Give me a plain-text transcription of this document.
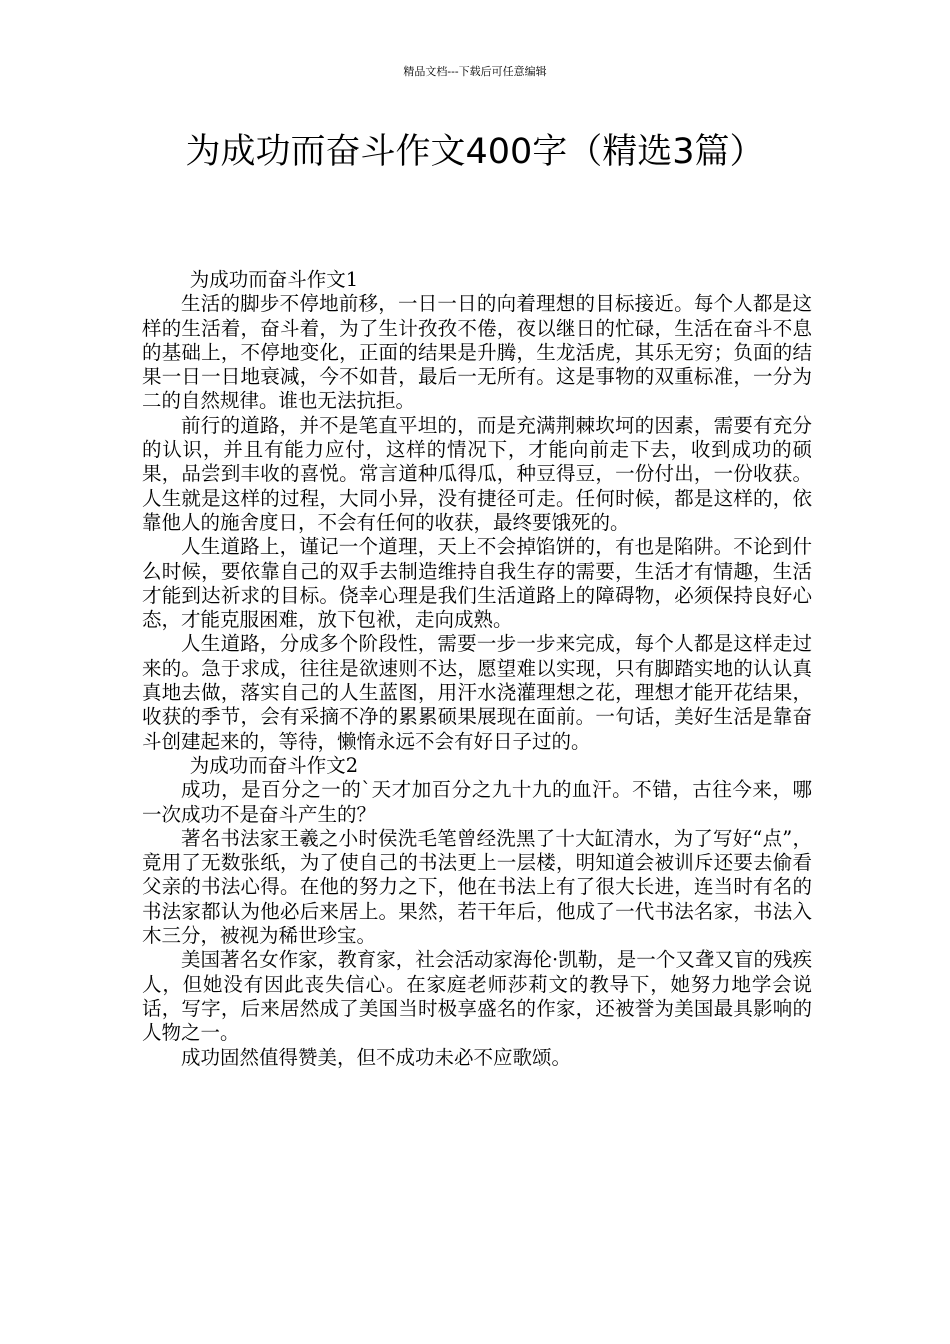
精品文档---下载后可任意编辑
为成功而奋斗作文400字（精选3篇）

为成功而奋斗作文1

生活的脚步不停地前移，一日一日的向着理想的目标接近。每个人都是这样的生活着，奋斗着，为了生计孜孜不倦，夜以继日的忙碌，生活在奋斗不息的基础上，不停地变化，正面的结果是升腾，生龙活虎，其乐无穷；负面的结果一日一日地衰减，今不如昔，最后一无所有。这是事物的双重标准，一分为二的自然规律。谁也无法抗拒。

前行的道路，并不是笔直平坦的，而是充满荆棘坎坷的因素，需要有充分的认识，并且有能力应付，这样的情况下，才能向前走下去，收到成功的硕果，品尝到丰收的喜悦。常言道种瓜得瓜，种豆得豆，一份付出，一份收获。人生就是这样的过程，大同小异，没有捷径可走。任何时候，都是这样的，依靠他人的施舍度日，不会有任何的收获，最终要饿死的。

人生道路上，谨记一个道理，天上不会掉馅饼的，有也是陷阱。不论到什么时候，要依靠自己的双手去制造维持自我生存的需要，生活才有情趣，生活才能到达祈求的目标。侥幸心理是我们生活道路上的障碍物，必须保持良好心态，才能克服困难，放下包袱，走向成熟。

人生道路，分成多个阶段性，需要一步一步来完成，每个人都是这样走过来的。急于求成，往往是欲速则不达，愿望难以实现，只有脚踏实地的认认真真地去做，落实自己的人生蓝图，用汗水浇灌理想之花，理想才能开花结果，收获的季节，会有采摘不净的累累硕果展现在面前。一句话，美好生活是靠奋斗创建起来的，等待，懒惰永远不会有好日子过的。

为成功而奋斗作文2

成功，是百分之一的`天才加百分之九十九的血汗。不错，古往今来，哪一次成功不是奋斗产生的？

著名书法家王羲之小时侯洗毛笔曾经洗黑了十大缸清水，为了写好“点”，竟用了无数张纸，为了使自己的书法更上一层楼，明知道会被训斥还要去偷看父亲的书法心得。在他的努力之下，他在书法上有了很大长进，连当时有名的书法家都认为他必后来居上。果然，若干年后，他成了一代书法名家，书法入木三分，被视为稀世珍宝。

美国著名女作家，教育家，社会活动家海伦·凯勒，是一个又聋又盲的残疾人，但她没有因此丧失信心。在家庭老师莎莉文的教导下，她努力地学会说话，写字，后来居然成了美国当时极享盛名的作家，还被誉为美国最具影响的人物之一。

成功固然值得赞美，但不成功未必不应歌颂。
